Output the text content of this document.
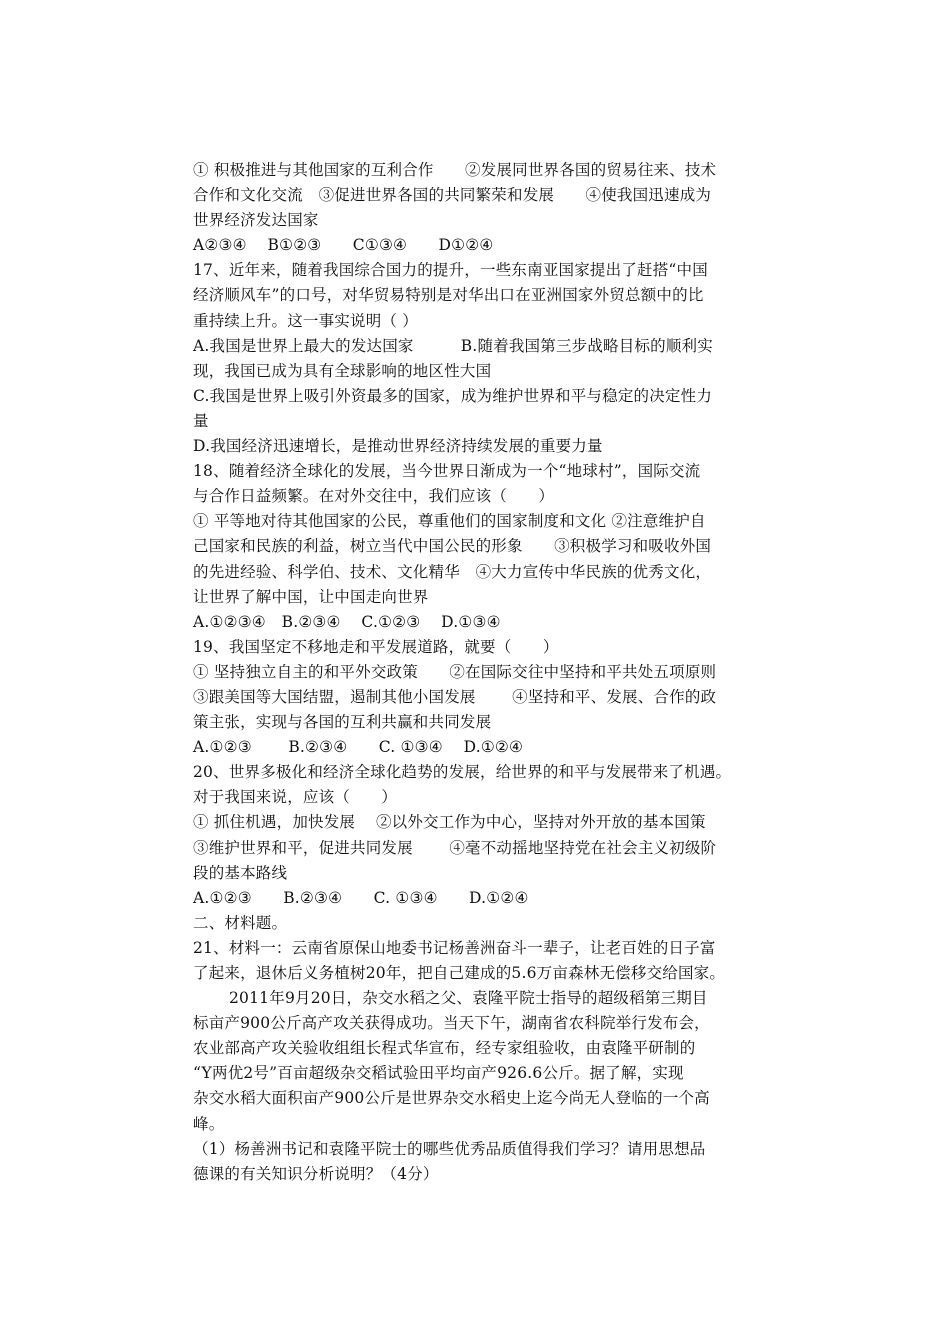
① 积极推进与其他国家的互利合作　　②发展同世界各国的贸易往来、技术
合作和文化交流　③促进世界各国的共同繁荣和发展　　④使我国迅速成为
世界经济发达国家
A②③④　 B①②③　　C①③④　　D①②④
17、近年来，随着我国综合国力的提升，一些东南亚国家提出了赶搭“中国
经济顺风车”的口号，对华贸易特别是对华出口在亚洲国家外贸总额中的比
重持续上升。这一事实说明（ ）
A.我国是世界上最大的发达国家　　　B.随着我国第三步战略目标的顺利实
现，我国已成为具有全球影响的地区性大国
C.我国是世界上吸引外资最多的国家，成为维护世界和平与稳定的决定性力
量
D.我国经济迅速增长，是推动世界经济持续发展的重要力量
18、随着经济全球化的发展，当今世界日渐成为一个“地球村”，国际交流
与合作日益频繁。在对外交往中，我们应该（　　）
① 平等地对待其他国家的公民，尊重他们的国家制度和文化 ②注意维护自
己国家和民族的利益，树立当代中国公民的形象　　③积极学习和吸收外国
的先进经验、科学伯、技术、文化精华　④大力宣传中华民族的优秀文化，
让世界了解中国，让中国走向世界
A.①②③④　B.②③④　 C.①②③　 D.①③④
19、我国坚定不移地走和平发展道路，就要（　　）
① 坚持独立自主的和平外交政策　　②在国际交往中坚持和平共处五项原则
③跟美国等大国结盟，遏制其他小国发展　　 ④坚持和平、发展、合作的政
策主张，实现与各国的互利共赢和共同发展
A.①②③　　 B.②③④　　C. ①③④　 D.①②④
20、世界多极化和经济全球化趋势的发展，给世界的和平与发展带来了机遇。
对于我国来说，应该（　　）
① 抓住机遇，加快发展　 ②以外交工作为中心，坚持对外开放的基本国策
③维护世界和平，促进共同发展　　 ④毫不动摇地坚持党在社会主义初级阶
段的基本路线
A.①②③　　B.②③④　　C. ①③④　　D.①②④
二、材料题。
21、材料一：云南省原保山地委书记杨善洲奋斗一辈子，让老百姓的日子富
了起来，退休后义务植树20年，把自己建成的5.6万亩森林无偿移交给国家。
2011年9月20日，杂交水稻之父、袁隆平院士指导的超级稻第三期目
标亩产900公斤高产攻关获得成功。当天下午，湖南省农科院举行发布会，
农业部高产攻关验收组组长程式华宣布，经专家组验收，由袁隆平研制的
“Y两优2号”百亩超级杂交稻试验田平均亩产926.6公斤。据了解，实现
杂交水稻大面积亩产900公斤是世界杂交水稻史上迄今尚无人登临的一个高
峰。
（1）杨善洲书记和袁隆平院士的哪些优秀品质值得我们学习？请用思想品
德课的有关知识分析说明？（4分）
